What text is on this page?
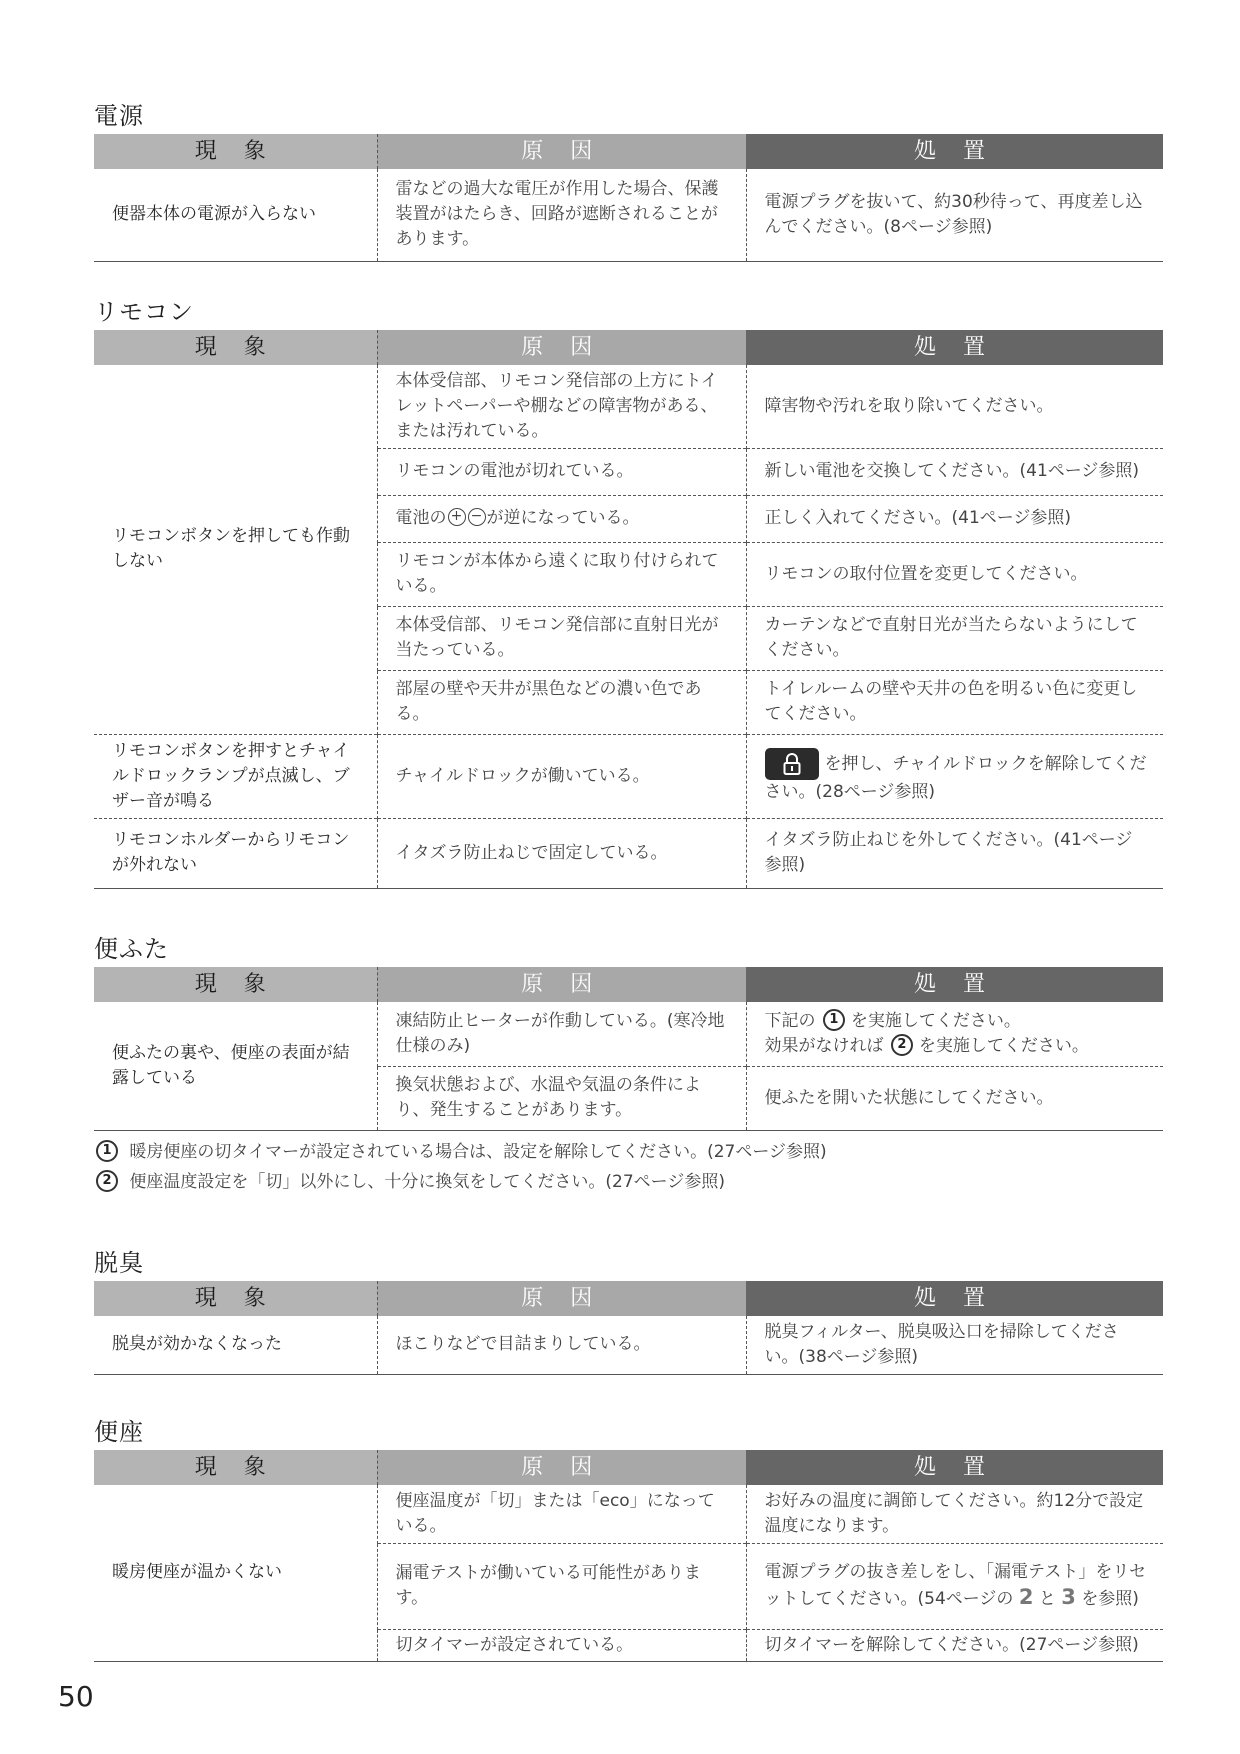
電源
現 象	原 因	処 置
便器本体の電源が入らない	雷などの過大な電圧が作用した場合、保護装置がはたらき、回路が遮断されることがあります。	電源プラグを抜いて、約30秒待って、再度差し込んでください。(8ページ参照)
リモコン
現 象	原 因	処 置
リモコンボタンを押しても作動しない	本体受信部、リモコン発信部の上方にトイレットペーパーや棚などの障害物がある、または汚れている。	障害物や汚れを取り除いてください。
	リモコンの電池が切れている。	新しい電池を交換してください。(41ページ参照)
	電池の + − が逆になっている。	正しく入れてください。(41ページ参照)
	リモコンが本体から遠くに取り付けられている。	リモコンの取付位置を変更してください。
	本体受信部、リモコン発信部に直射日光が当たっている。	カーテンなどで直射日光が当たらないようにしてください。
	部屋の壁や天井が黒色などの濃い色である。	トイレルームの壁や天井の色を明るい色に変更してください。
リモコンボタンを押すとチャイルドロックランプが点滅し、ブザー音が鳴る	チャイルドロックが働いている。	を押し、チャイルドロックを解除してください。(28ページ参照)
リモコンホルダーからリモコンが外れない	イタズラ防止ねじで固定している。	イタズラ防止ねじを外してください。(41ページ参照)
便ふた
現 象	原 因	処 置
便ふたの裏や、便座の表面が結露している	凍結防止ヒーターが作動している。(寒冷地仕様のみ)	下記の 1 を実施してください。
効果がなければ 2 を実施してください。

	換気状態および、水温や気温の条件により、発生することがあります。	便ふたを開いた状態にしてください。
1 暖房便座の切タイマーが設定されている場合は、設定を解除してください。(27ページ参照)
2 便座温度設定を「切」以外にし、十分に換気をしてください。(27ページ参照)
脱臭
現 象	原 因	処 置
脱臭が効かなくなった	ほこりなどで目詰まりしている。	脱臭フィルター、脱臭吸込口を掃除してください。(38ページ参照)
便座
現 象	原 因	処 置
暖房便座が温かくない	便座温度が「切」または「eco」になっている。	お好みの温度に調節してください。約12分で設定温度になります。
	漏電テストが働いている可能性があります。	電源プラグの抜き差しをし、「漏電テスト」をリセットしてください。(54ページの 2 と 3 を参照)
	切タイマーが設定されている。	切タイマーを解除してください。(27ページ参照)
50
